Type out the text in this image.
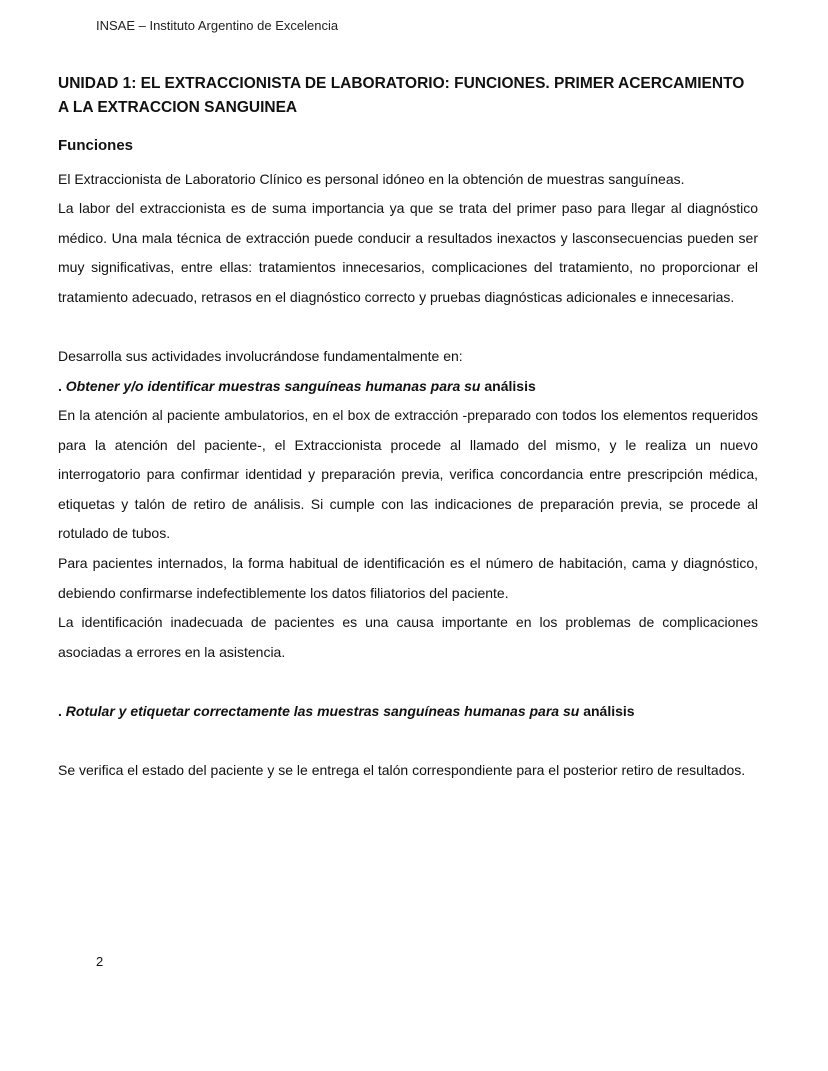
INSAE – Instituto Argentino de Excelencia
UNIDAD 1: EL EXTRACCIONISTA DE LABORATORIO: FUNCIONES. PRIMER ACERCAMIENTO A LA EXTRACCION SANGUINEA
Funciones

El Extraccionista de Laboratorio Clínico es personal idóneo en la obtención de muestras sanguíneas.

La labor del extraccionista es de suma importancia ya que se trata del primer paso para llegar al diagnóstico médico. Una mala técnica de extracción puede conducir a resultados inexactos y lasconsecuencias pueden ser muy significativas, entre ellas: tratamientos innecesarios, complicaciones del tratamiento, no proporcionar el tratamiento adecuado, retrasos en el diagnóstico correcto y pruebas diagnósticas adicionales e innecesarias.

Desarrolla sus actividades involucrándose fundamentalmente en:

. Obtener y/o identificar muestras sanguíneas humanas para su análisis

En la atención al paciente ambulatorios, en el box de extracción -preparado con todos los elementos requeridos para la atención del paciente-, el Extraccionista procede al llamado del mismo, y le realiza un nuevo interrogatorio para confirmar identidad y preparación previa, verifica concordancia entre prescripción médica, etiquetas y talón de retiro de análisis. Si cumple con las indicaciones de preparación previa, se procede al rotulado de tubos.

Para pacientes internados, la forma habitual de identificación es el número de habitación, cama y diagnóstico, debiendo confirmarse indefectiblemente los datos filiatorios del paciente.

La identificación inadecuada de pacientes es una causa importante en los problemas de complicaciones asociadas a errores en la asistencia.

. Rotular y etiquetar correctamente las muestras sanguíneas humanas para su análisis

Se verifica el estado del paciente y se le entrega el talón correspondiente para el posterior retiro de resultados.

2
